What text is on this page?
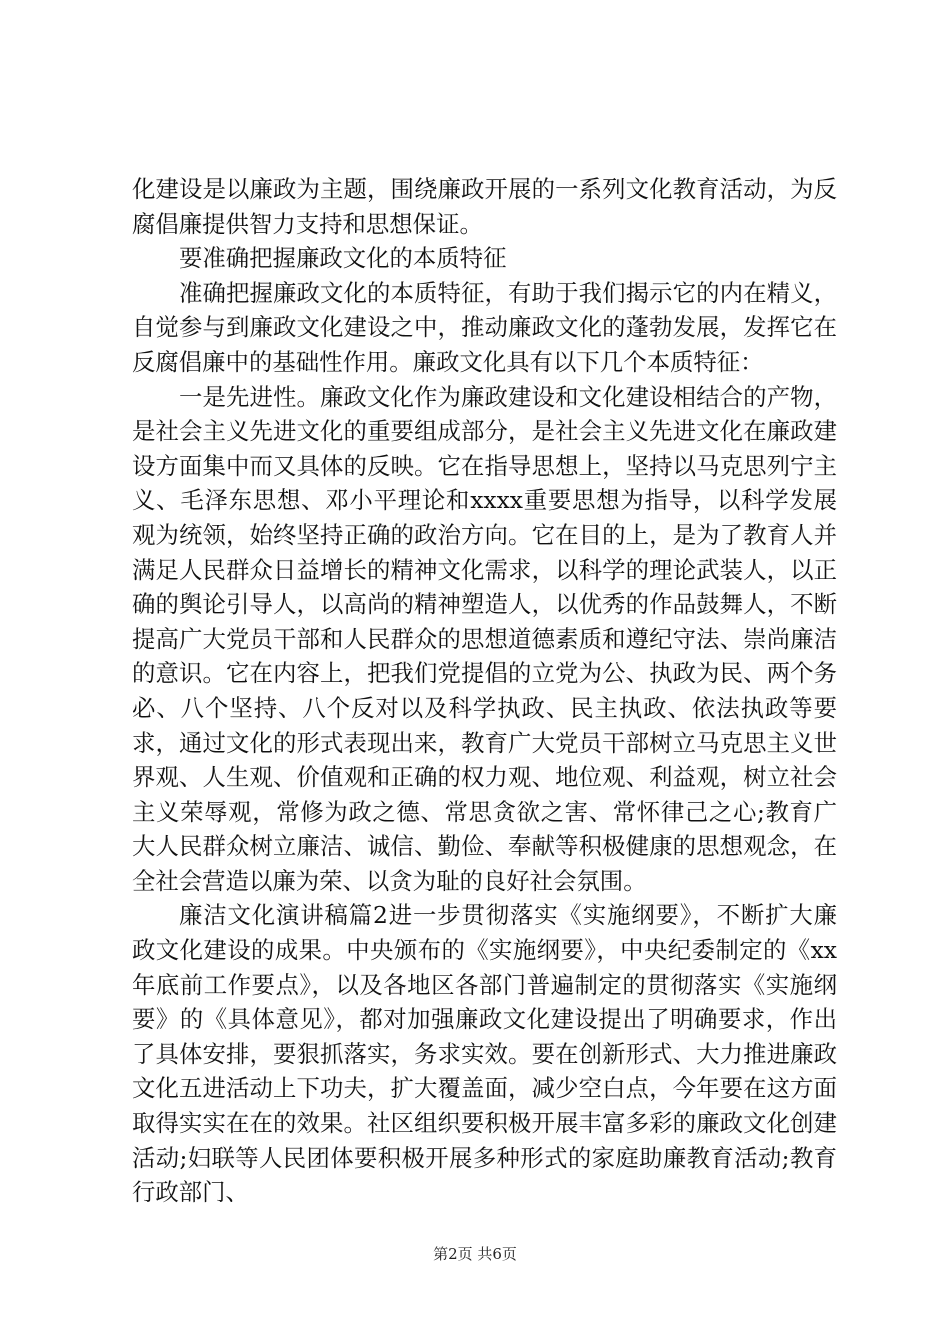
化建设是以廉政为主题，围绕廉政开展的一系列文化教育活动，为反腐倡廉提供智力支持和思想保证。

要准确把握廉政文化的本质特征

准确把握廉政文化的本质特征，有助于我们揭示它的内在精义，自觉参与到廉政文化建设之中，推动廉政文化的蓬勃发展，发挥它在反腐倡廉中的基础性作用。廉政文化具有以下几个本质特征：

一是先进性。廉政文化作为廉政建设和文化建设相结合的产物，是社会主义先进文化的重要组成部分，是社会主义先进文化在廉政建设方面集中而又具体的反映。它在指导思想上，坚持以马克思列宁主义、毛泽东思想、邓小平理论和xxxx重要思想为指导，以科学发展观为统领，始终坚持正确的政治方向。它在目的上，是为了教育人并满足人民群众日益增长的精神文化需求，以科学的理论武装人，以正确的舆论引导人，以高尚的精神塑造人，以优秀的作品鼓舞人，不断提高广大党员干部和人民群众的思想道德素质和遵纪守法、崇尚廉洁的意识。它在内容上，把我们党提倡的立党为公、执政为民、两个务必、八个坚持、八个反对以及科学执政、民主执政、依法执政等要求，通过文化的形式表现出来，教育广大党员干部树立马克思主义世界观、人生观、价值观和正确的权力观、地位观、利益观，树立社会主义荣辱观，常修为政之德、常思贪欲之害、常怀律己之心;教育广大人民群众树立廉洁、诚信、勤俭、奉献等积极健康的思想观念，在全社会营造以廉为荣、以贪为耻的良好社会氛围。

廉洁文化演讲稿篇2进一步贯彻落实《实施纲要》，不断扩大廉政文化建设的成果。中央颁布的《实施纲要》，中央纪委制定的《xx年底前工作要点》，以及各地区各部门普遍制定的贯彻落实《实施纲要》的《具体意见》，都对加强廉政文化建设提出了明确要求，作出了具体安排，要狠抓落实，务求实效。要在创新形式、大力推进廉政文化五进活动上下功夫，扩大覆盖面，减少空白点，今年要在这方面取得实实在在的效果。社区组织要积极开展丰富多彩的廉政文化创建活动;妇联等人民团体要积极开展多种形式的家庭助廉教育活动;教育行政部门、

第2页 共6页
